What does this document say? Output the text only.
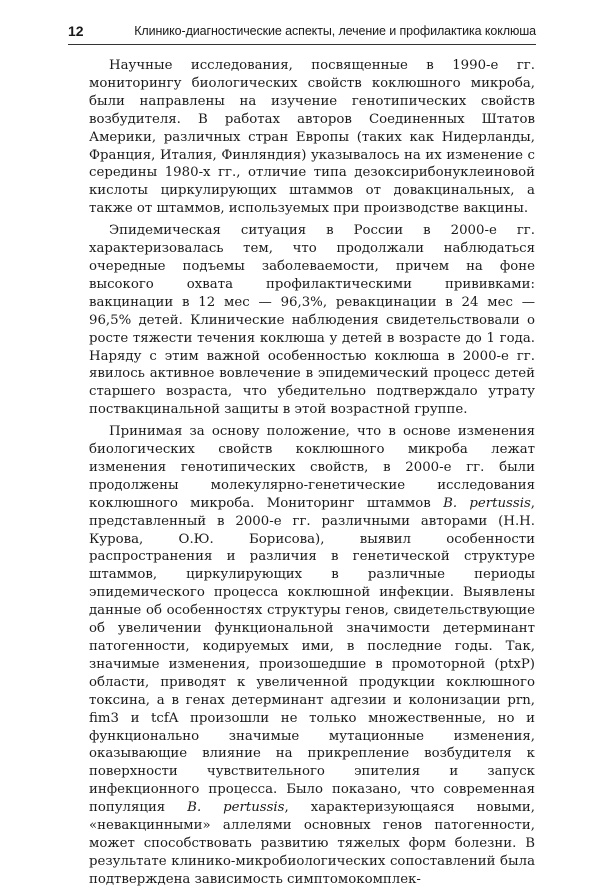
12	Клинико-диагностические аспекты, лечение и профилактика коклюша

Научные исследования, посвященные в 1990-е гг. мониторингу биологических свойств коклюшного микроба, были направлены на изучение генотипических свойств возбудителя. В работах авторов Соединенных Штатов Америки, различных стран Европы (таких как Нидерланды, Франция, Италия, Финляндия) указывалось на их изменение с середины 1980-х гг., отличие типа дезоксирибонуклеиновой кислоты циркулирующих штаммов от довакцинальных, а также от штаммов, используемых при производстве вакцины.

Эпидемическая ситуация в России в 2000-е гг. характеризовалась тем, что продолжали наблюдаться очередные подъемы заболеваемости, причем на фоне высокого охвата профилактическими прививками: вакцинации в 12 мес — 96,3%, ревакцинации в 24 мес — 96,5% детей. Клинические наблюдения свидетельствовали о росте тяжести течения коклюша у детей в возрасте до 1 года. Наряду с этим важной особенностью коклюша в 2000-е гг. явилось активное вовлечение в эпидемический процесс детей старшего возраста, что убедительно подтверждало утрату поствакцинальной защиты в этой возрастной группе.

Принимая за основу положение, что в основе изменения биологических свойств коклюшного микроба лежат изменения генотипических свойств, в 2000-е гг. были продолжены молекулярно-генетические исследования коклюшного микроба. Мониторинг штаммов B. pertussis, представленный в 2000-е гг. различными авторами (Н.Н. Курова, О.Ю. Борисова), выявил особенности распространения и различия в генетической структуре штаммов, циркулирующих в различные периоды эпидемического процесса коклюшной инфекции. Выявлены данные об особенностях структуры генов, свидетельствующие об увеличении функциональной значимости детерминант патогенности, кодируемых ими, в последние годы. Так, значимые изменения, произошедшие в промоторной (ptxP) области, приводят к увеличенной продукции коклюшного токсина, а в генах детерминант адгезии и колонизации prn, fim3 и tcfA произошли не только множественные, но и функционально значимые мутационные изменения, оказывающие влияние на прикрепление возбудителя к поверхности чувствительного эпителия и запуск инфекционного процесса. Было показано, что современная популяция B. pertussis, характеризующаяся новыми, «невакцинными» аллелями основных генов патогенности, может способствовать развитию тяжелых форм болезни. В результате клинико-микробиологических сопоставлений была подтверждена зависимость симптомокомплек-
